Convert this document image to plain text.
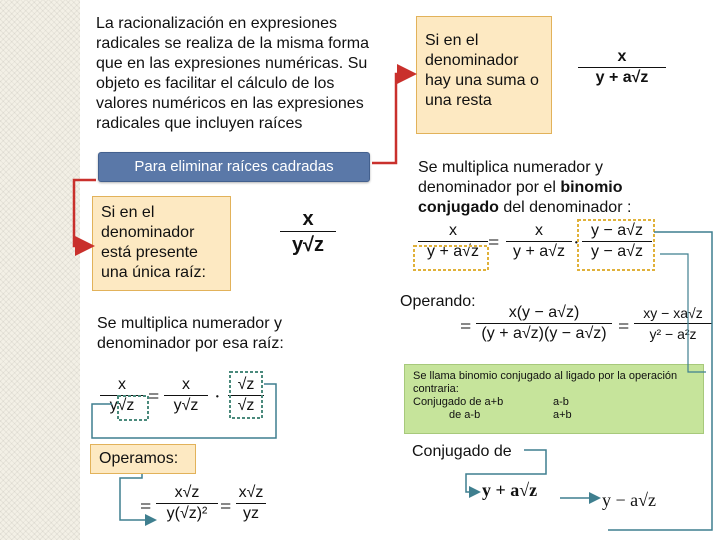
La racionalización en expresiones radicales se realiza de la misma forma que en las expresiones numéricas. Su objeto es facilitar el cálculo de los valores numéricos en las expresiones radicales que incluyen raíces
Para eliminar raíces cadradas
Si en el denominador hay una suma o una resta
x
y + a√z
Se multiplica numerador y denominador por el binomio conjugado del denominador :
Si en el denominador está presente una única raíz:
x
y√z
x
y + a√z =
x
y + a√z ·
y − a√z
y − a√z
Operando:
=
x(y − a√z)
(y + a√z)(y − a√z) =
xy − xa√z
y² − a²z
Se multiplica numerador y denominador por esa raíz:
x
y√z =
x
y√z ·
√z
√z
Se llama binomio conjugado al ligado por la operación contraria:
Conjugado de a+b	a-b
de a-b	a+b
Operamos:	Conjugado de
=
x√z
y(√z)² =
x√z
yz
y + a√z	y − a√z
